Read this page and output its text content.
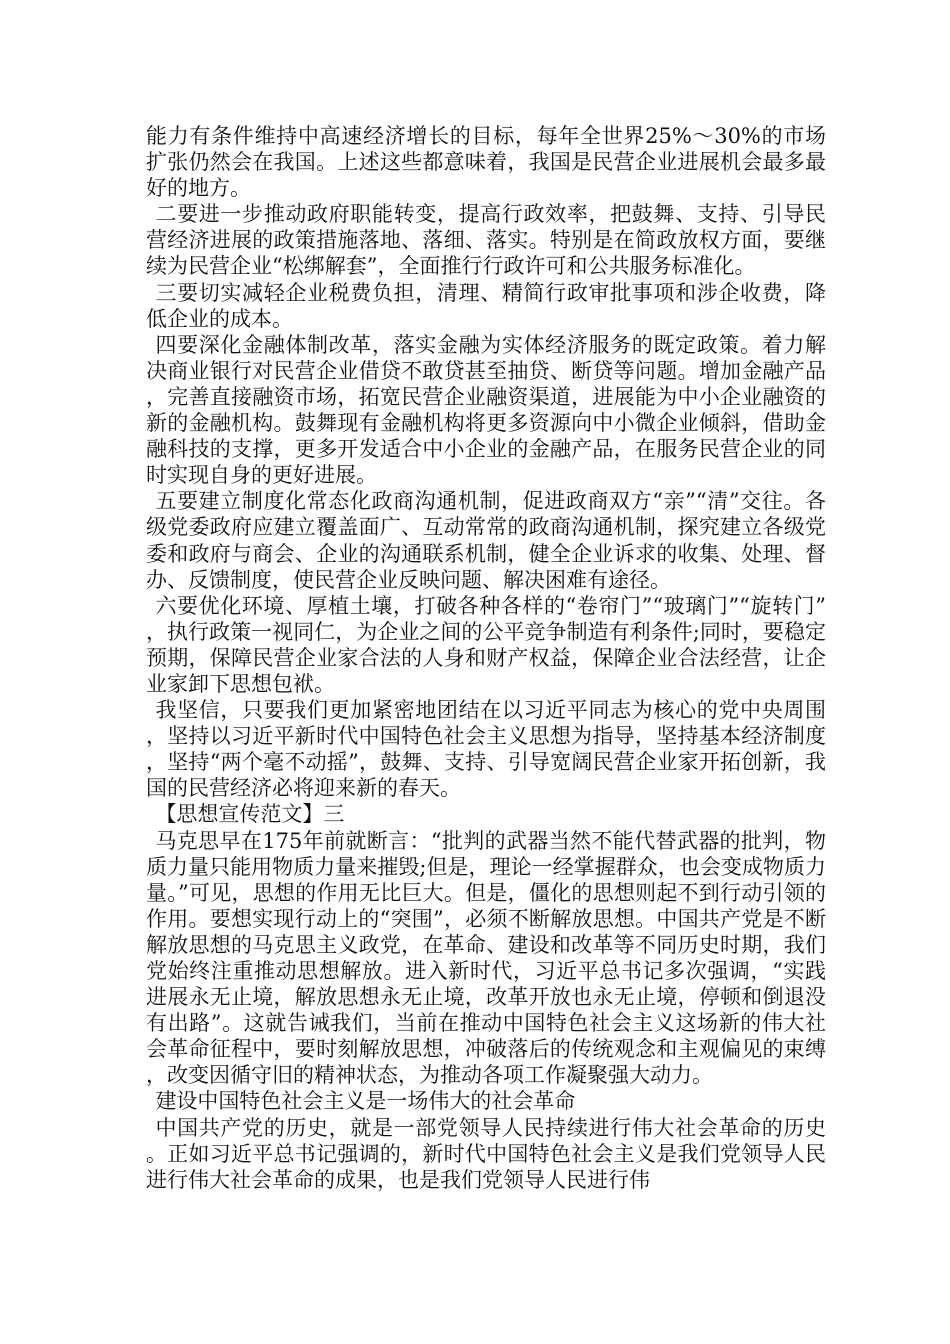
能力有条件维持中高速经济增长的目标，每年全世界25%～30%的市场扩张仍然会在我国。上述这些都意味着，我国是民营企业进展机会最多最好的地方。

二要进一步推动政府职能转变，提高行政效率，把鼓舞、支持、引导民营经济进展的政策措施落地、落细、落实。特别是在简政放权方面，要继续为民营企业“松绑解套”，全面推行行政许可和公共服务标准化。

三要切实减轻企业税费负担，清理、精简行政审批事项和涉企收费，降低企业的成本。

四要深化金融体制改革，落实金融为实体经济服务的既定政策。着力解决商业银行对民营企业借贷不敢贷甚至抽贷、断贷等问题。增加金融产品，完善直接融资市场，拓宽民营企业融资渠道，进展能为中小企业融资的新的金融机构。鼓舞现有金融机构将更多资源向中小微企业倾斜，借助金融科技的支撑，更多开发适合中小企业的金融产品，在服务民营企业的同时实现自身的更好进展。

五要建立制度化常态化政商沟通机制，促进政商双方“亲”“清”交往。各级党委政府应建立覆盖面广、互动常常的政商沟通机制，探究建立各级党委和政府与商会、企业的沟通联系机制，健全企业诉求的收集、处理、督办、反馈制度，使民营企业反映问题、解决困难有途径。

六要优化环境、厚植土壤，打破各种各样的“卷帘门”“玻璃门”“旋转门”，执行政策一视同仁，为企业之间的公平竞争制造有利条件;同时，要稳定预期，保障民营企业家合法的人身和财产权益，保障企业合法经营，让企业家卸下思想包袱。

我坚信，只要我们更加紧密地团结在以习近平同志为核心的党中央周围，坚持以习近平新时代中国特色社会主义思想为指导，坚持基本经济制度，坚持“两个毫不动摇”，鼓舞、支持、引导宽阔民营企业家开拓创新，我国的民营经济必将迎来新的春天。

【思想宣传范文】三

马克思早在175年前就断言：“批判的武器当然不能代替武器的批判，物质力量只能用物质力量来摧毁;但是，理论一经掌握群众，也会变成物质力量。”可见，思想的作用无比巨大。但是，僵化的思想则起不到行动引领的作用。要想实现行动上的“突围”，必须不断解放思想。中国共产党是不断解放思想的马克思主义政党，在革命、建设和改革等不同历史时期，我们党始终注重推动思想解放。进入新时代，习近平总书记多次强调，“实践进展永无止境，解放思想永无止境，改革开放也永无止境，停顿和倒退没有出路”。这就告诫我们，当前在推动中国特色社会主义这场新的伟大社会革命征程中，要时刻解放思想，冲破落后的传统观念和主观偏见的束缚，改变因循守旧的精神状态，为推动各项工作凝聚强大动力。

建设中国特色社会主义是一场伟大的社会革命

中国共产党的历史，就是一部党领导人民持续进行伟大社会革命的历史。正如习近平总书记强调的，新时代中国特色社会主义是我们党领导人民进行伟大社会革命的成果，也是我们党领导人民进行伟
